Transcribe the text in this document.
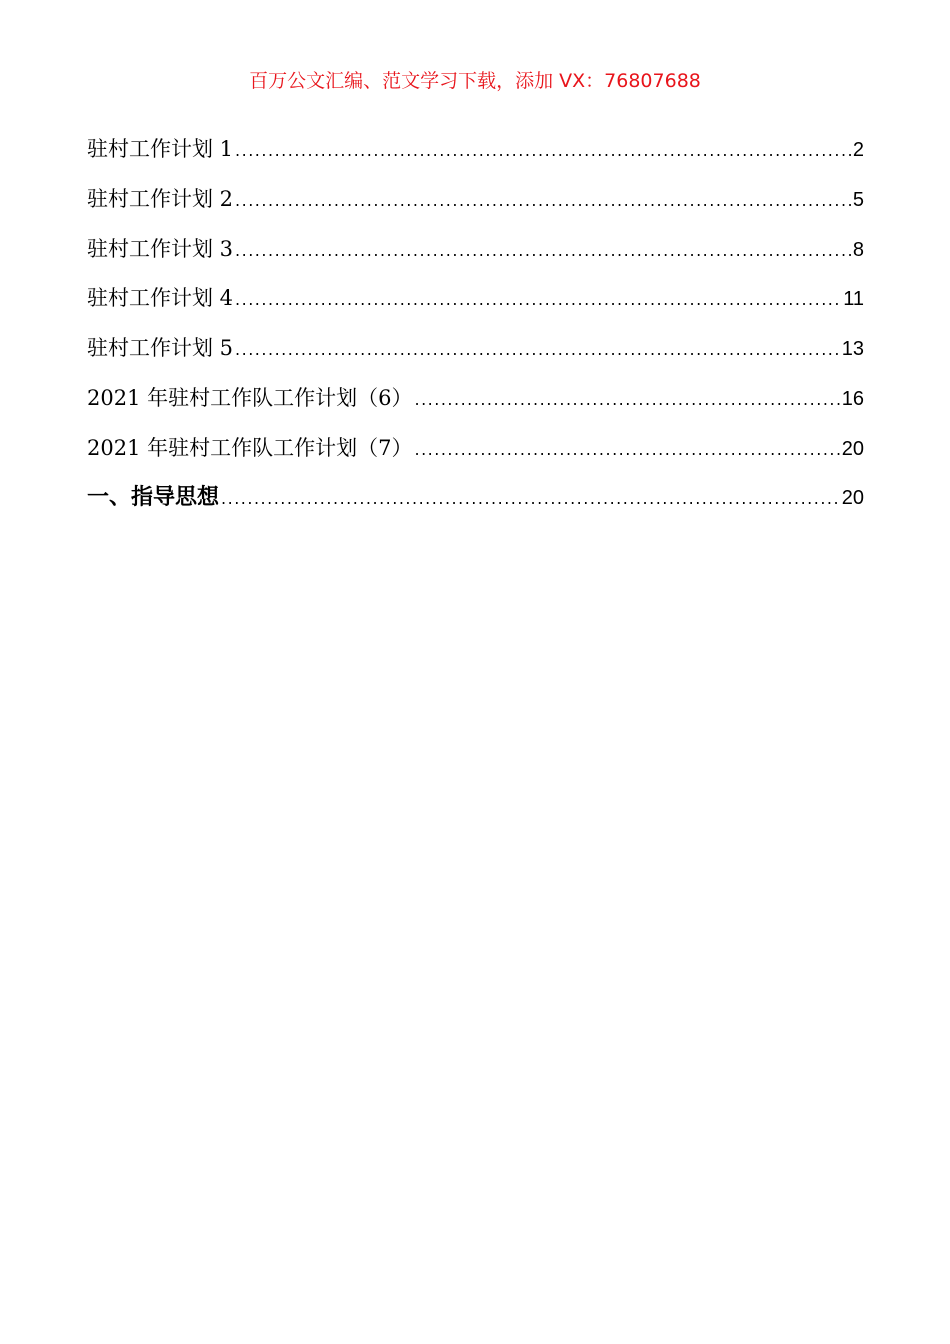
百万公文汇编、范文学习下载，添加 VX：76807688
驻村工作计划 1 .....	2
驻村工作计划 2 .....	5
驻村工作计划 3 .....	8
驻村工作计划 4 .....	11
驻村工作计划 5 .....	13
2021 年驻村工作队工作计划（6） .....	16
2021 年驻村工作队工作计划（7） .....	20
一、指导思想 .....	20
